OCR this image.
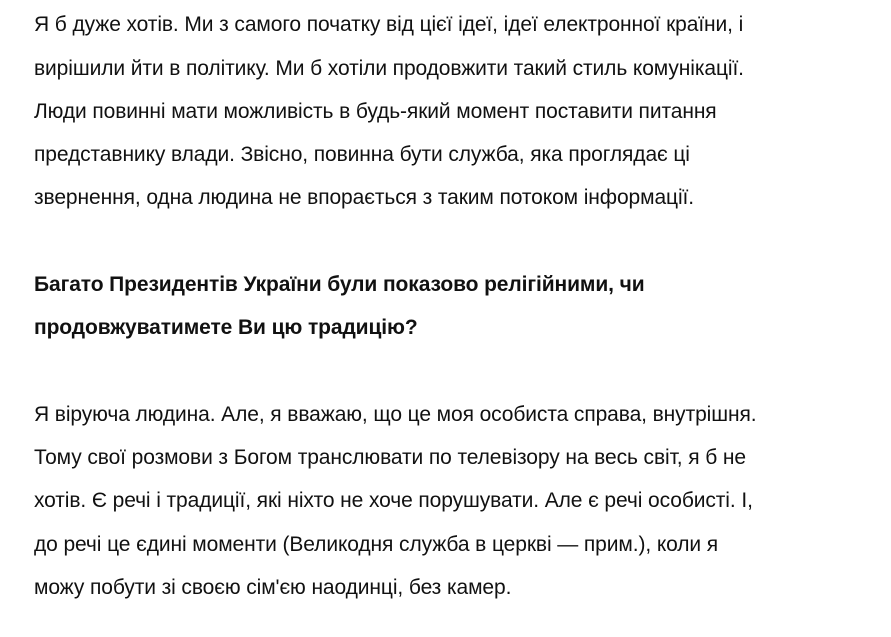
Я б дуже хотів. Ми з самого початку від цієї ідеї, ідеї електронної країни, і
вирішили йти в політику. Ми б хотіли продовжити такий стиль комунікації.
Люди повинні мати можливість в будь-який момент поставити питання
представнику влади. Звісно, повинна бути служба, яка проглядає ці
звернення, одна людина не впорається з таким потоком інформації.
Багато Президентів України були показово релігійними, чи
продовжуватимете Ви цю традицію?
Я віруюча людина. Але, я вважаю, що це моя особиста справа, внутрішня.
Тому свої розмови з Богом транслювати по телевізору на весь світ, я б не
хотів. Є речі і традиції, які ніхто не хоче порушувати. Але є речі особисті. І,
до речі це єдині моменти (Великодня служба в церкві — прим.), коли я
можу побути зі своєю сім'єю наодинці, без камер.
